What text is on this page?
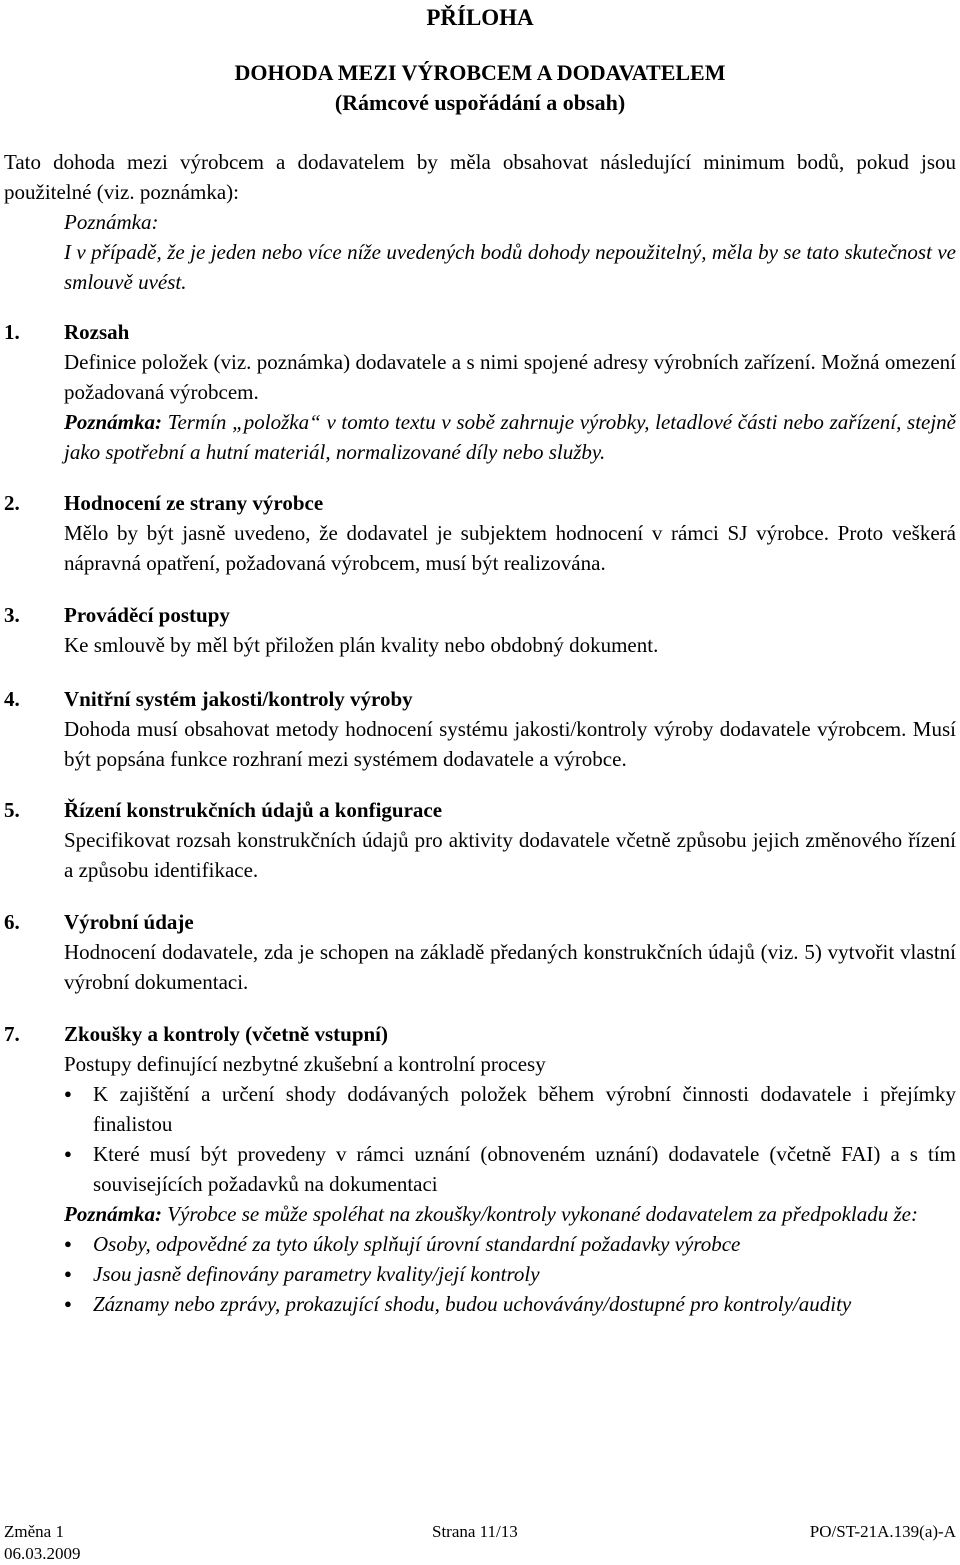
PŘÍLOHA
DOHODA MEZI VÝROBCEM A DODAVATELEM
(Rámcové uspořádání a obsah)
Tato dohoda mezi výrobcem a dodavatelem by měla obsahovat následující minimum bodů, pokud jsou použitelné (viz. poznámka):
Poznámka:
I v případě, že je jeden nebo více níže uvedených bodů dohody nepoužitelný, měla by se tato skutečnost ve smlouvě uvést.
1.	Rozsah
Definice položek (viz. poznámka) dodavatele a s nimi spojené adresy výrobních zařízení. Možná omezení požadovaná výrobcem.
Poznámka: Termín „položka“ v tomto textu v sobě zahrnuje výrobky, letadlové části nebo zařízení, stejně jako spotřební a hutní materiál, normalizované díly nebo služby.
2.	Hodnocení ze strany výrobce
Mělo by být jasně uvedeno, že dodavatel je subjektem hodnocení v rámci SJ výrobce. Proto veškerá nápravná opatření, požadovaná výrobcem, musí být realizována.
3.	Prováděcí postupy
Ke smlouvě by měl být přiložen plán kvality nebo obdobný dokument.
4.	Vnitřní systém jakosti/kontroly výroby
Dohoda musí obsahovat metody hodnocení systému jakosti/kontroly výroby dodavatele výrobcem. Musí být popsána funkce rozhraní mezi systémem dodavatele a výrobce.
5.	Řízení konstrukčních údajů a konfigurace
Specifikovat rozsah konstrukčních údajů pro aktivity dodavatele včetně způsobu jejich změnového řízení a způsobu identifikace.
6.	Výrobní údaje
Hodnocení dodavatele, zda je schopen na základě předaných konstrukčních údajů (viz. 5) vytvořit vlastní výrobní dokumentaci.
7.	Zkoušky a kontroly (včetně vstupní)
Postupy definující nezbytné zkušební a kontrolní procesy
● K zajištění a určení shody dodávaných položek během výrobní činnosti dodavatele i přejímky finalistou
● Které musí být provedeny v rámci uznání (obnoveném uznání) dodavatele (včetně FAI) a s tím souvisejících požadavků na dokumentaci
Poznámka: Výrobce se může spoléhat na zkoušky/kontroly vykonané dodavatelem za předpokladu že:
● Osoby, odpovědné za tyto úkoly splňují úrovní standardní požadavky výrobce
● Jsou jasně definovány parametry kvality/její kontroly
● Záznamy nebo zprávy, prokazující shodu, budou uchovávány/dostupné pro kontroly/audity
Změna 1
06.03.2009
Strana 11/13	PO/ST-21A.139(a)-A
